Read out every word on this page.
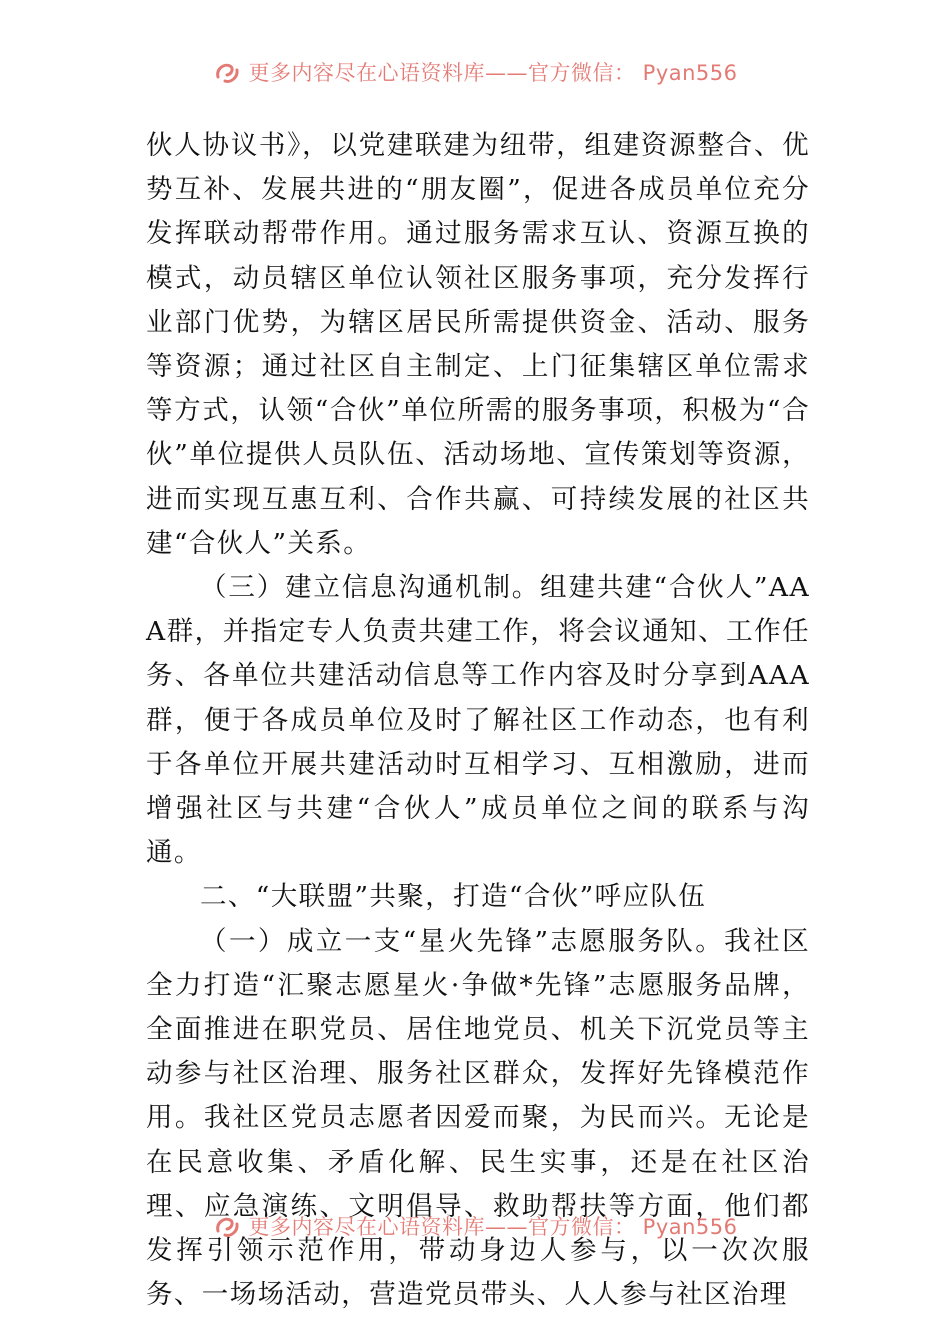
更多内容尽在心语资料库——官方微信： Pyan556

伙人协议书》，以党建联建为纽带，组建资源整合、优势互补、发展共进的“朋友圈”，促进各成员单位充分发挥联动帮带作用。通过服务需求互认、资源互换的模式，动员辖区单位认领社区服务事项，充分发挥行业部门优势，为辖区居民所需提供资金、活动、服务等资源；通过社区自主制定、上门征集辖区单位需求等方式，认领“合伙”单位所需的服务事项，积极为“合伙”单位提供人员队伍、活动场地、宣传策划等资源，进而实现互惠互利、合作共赢、可持续发展的社区共建“合伙人”关系。

（三）建立信息沟通机制。组建共建“合伙人”AAA群，并指定专人负责共建工作，将会议通知、工作任务、各单位共建活动信息等工作内容及时分享到AAA群，便于各成员单位及时了解社区工作动态，也有利于各单位开展共建活动时互相学习、互相激励，进而增强社区与共建“合伙人”成员单位之间的联系与沟通。

二、“大联盟”共聚，打造“合伙”呼应队伍

（一）成立一支“星火先锋”志愿服务队。我社区全力打造“汇聚志愿星火·争做*先锋”志愿服务品牌，全面推进在职党员、居住地党员、机关下沉党员等主动参与社区治理、服务社区群众，发挥好先锋模范作用。我社区党员志愿者因爱而聚，为民而兴。无论是在民意收集、矛盾化解、民生实事，还是在社区治理、应急演练、文明倡导、救助帮扶等方面，他们都发挥引领示范作用，带动身边人参与，以一次次服务、一场场活动，营造党员带头、人人参与社区治理

更多内容尽在心语资料库——官方微信： Pyan556
